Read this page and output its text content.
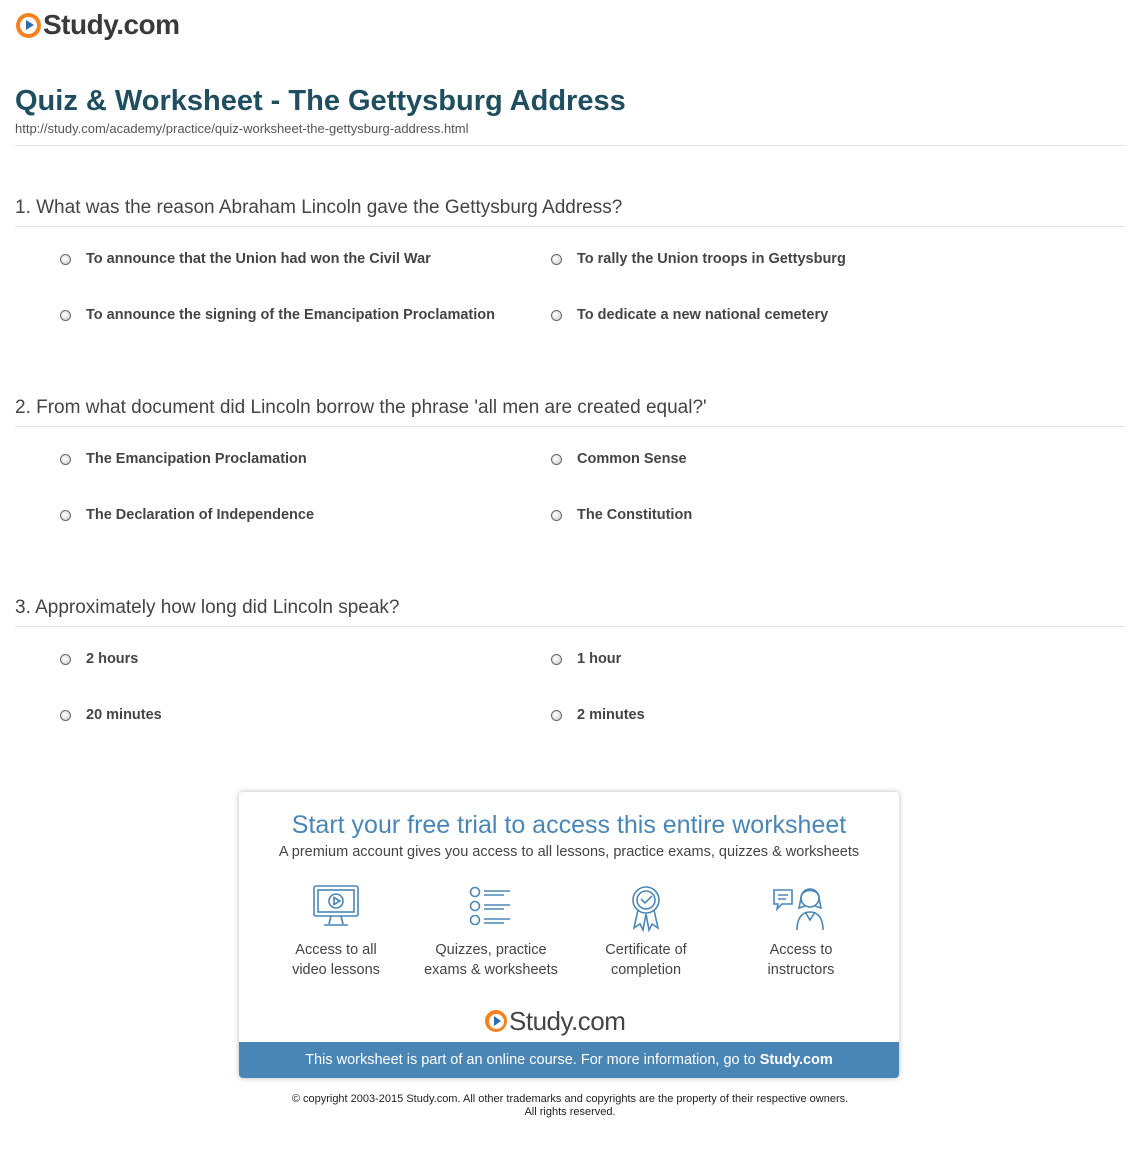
Study.com
Quiz & Worksheet - The Gettysburg Address
http://study.com/academy/practice/quiz-worksheet-the-gettysburg-address.html
1. What was the reason Abraham Lincoln gave the Gettysburg Address?
To announce that the Union had won the Civil War	To rally the Union troops in Gettysburg
To announce the signing of the Emancipation Proclamation	To dedicate a new national cemetery
2. From what document did Lincoln borrow the phrase 'all men are created equal?'
The Emancipation Proclamation	Common Sense
The Declaration of Independence	The Constitution
3. Approximately how long did Lincoln speak?
2 hours	1 hour
20 minutes	2 minutes
Start your free trial to access this entire worksheet
A premium account gives you access to all lessons, practice exams, quizzes & worksheets
Access to all
video lessons
Quizzes, practice
exams & worksheets
Certificate of
completion
Access to
instructors
Study.com
This worksheet is part of an online course. For more information, go to Study.com
© copyright 2003-2015 Study.com. All other trademarks and copyrights are the property of their respective owners.
All rights reserved.
